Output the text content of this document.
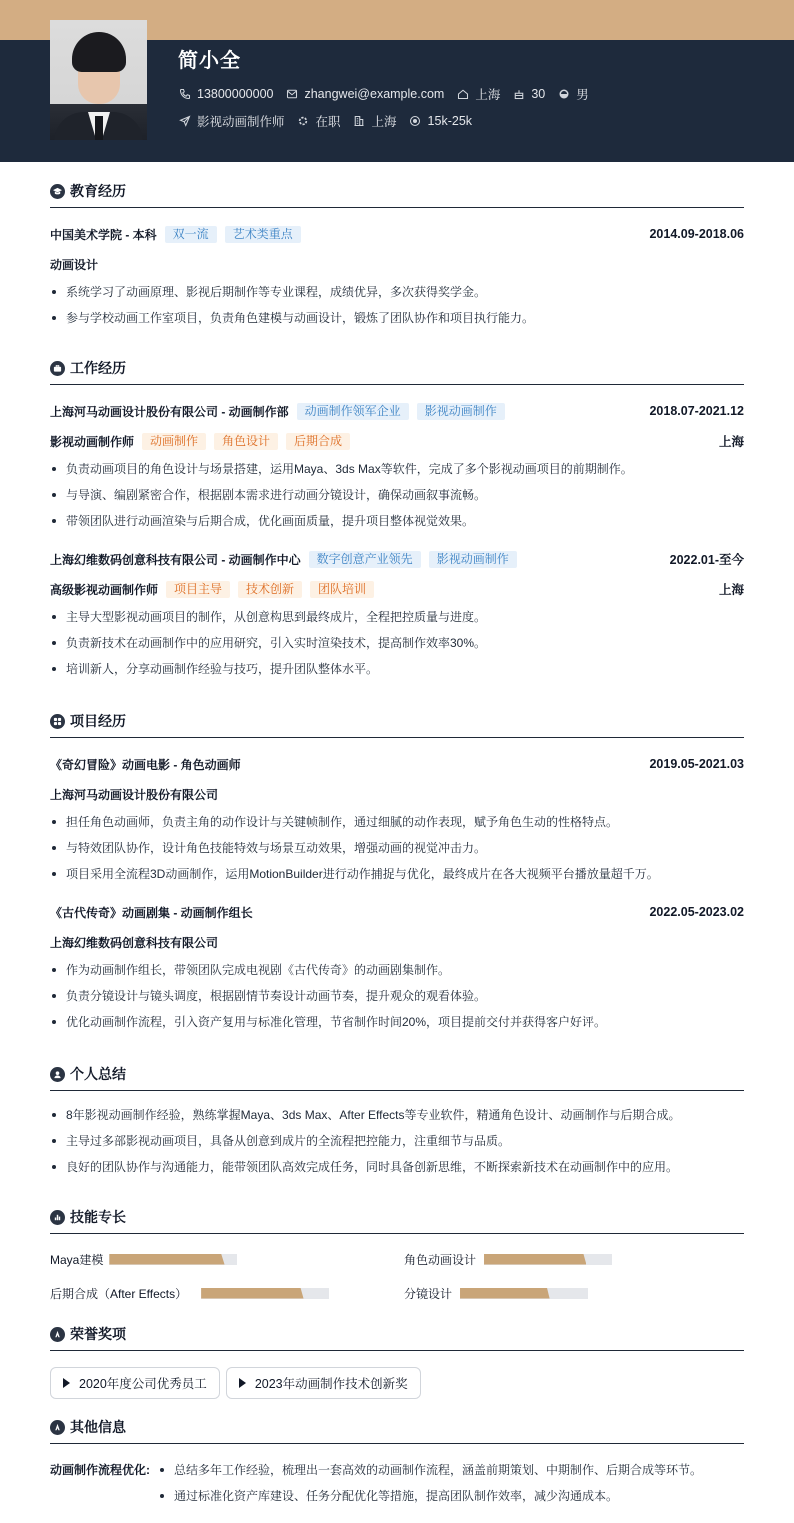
简小全
13800000000 zhangwei@example.com 上海 30 男
影视动画制作师 在职 上海 15k-25k
教育经历
中国美术学院 - 本科	双一流	艺术类重点	2014.09-2018.06
动画设计
系统学习了动画原理、影视后期制作等专业课程，成绩优异，多次获得奖学金。
参与学校动画工作室项目，负责角色建模与动画设计，锻炼了团队协作和项目执行能力。
工作经历
上海河马动画设计股份有限公司 - 动画制作部	动画制作领军企业	影视动画制作	2018.07-2021.12
影视动画制作师	动画制作	角色设计	后期合成	上海
负责动画项目的角色设计与场景搭建，运用Maya、3ds Max等软件，完成了多个影视动画项目的前期制作。
与导演、编剧紧密合作，根据剧本需求进行动画分镜设计，确保动画叙事流畅。
带领团队进行动画渲染与后期合成，优化画面质量，提升项目整体视觉效果。
上海幻维数码创意科技有限公司 - 动画制作中心	数字创意产业领先	影视动画制作	2022.01-至今
高级影视动画制作师	项目主导	技术创新	团队培训	上海
主导大型影视动画项目的制作，从创意构思到最终成片，全程把控质量与进度。
负责新技术在动画制作中的应用研究，引入实时渲染技术，提高制作效率30%。
培训新人，分享动画制作经验与技巧，提升团队整体水平。
项目经历
《奇幻冒险》动画电影 - 角色动画师	2019.05-2021.03
上海河马动画设计股份有限公司
担任角色动画师，负责主角的动作设计与关键帧制作，通过细腻的动作表现，赋予角色生动的性格特点。
与特效团队协作，设计角色技能特效与场景互动效果，增强动画的视觉冲击力。
项目采用全流程3D动画制作，运用MotionBuilder进行动作捕捉与优化，最终成片在各大视频平台播放量超千万。
《古代传奇》动画剧集 - 动画制作组长	2022.05-2023.02
上海幻维数码创意科技有限公司
作为动画制作组长，带领团队完成电视剧《古代传奇》的动画剧集制作。
负责分镜设计与镜头调度，根据剧情节奏设计动画节奏，提升观众的观看体验。
优化动画制作流程，引入资产复用与标准化管理，节省制作时间20%，项目提前交付并获得客户好评。
个人总结
8年影视动画制作经验，熟练掌握Maya、3ds Max、After Effects等专业软件，精通角色设计、动画制作与后期合成。
主导过多部影视动画项目，具备从创意到成片的全流程把控能力，注重细节与品质。
良好的团队协作与沟通能力，能带领团队高效完成任务，同时具备创新思维，不断探索新技术在动画制作中的应用。
技能专长
Maya建模	角色动画设计
后期合成（After Effects）	分镜设计
荣誉奖项
2020年度公司优秀员工	2023年动画制作技术创新奖
其他信息
动画制作流程优化:	总结多年工作经验，梳理出一套高效的动画制作流程，涵盖前期策划、中期制作、后期合成等环节。
通过标准化资产库建设、任务分配优化等措施，提高团队制作效率，减少沟通成本。
